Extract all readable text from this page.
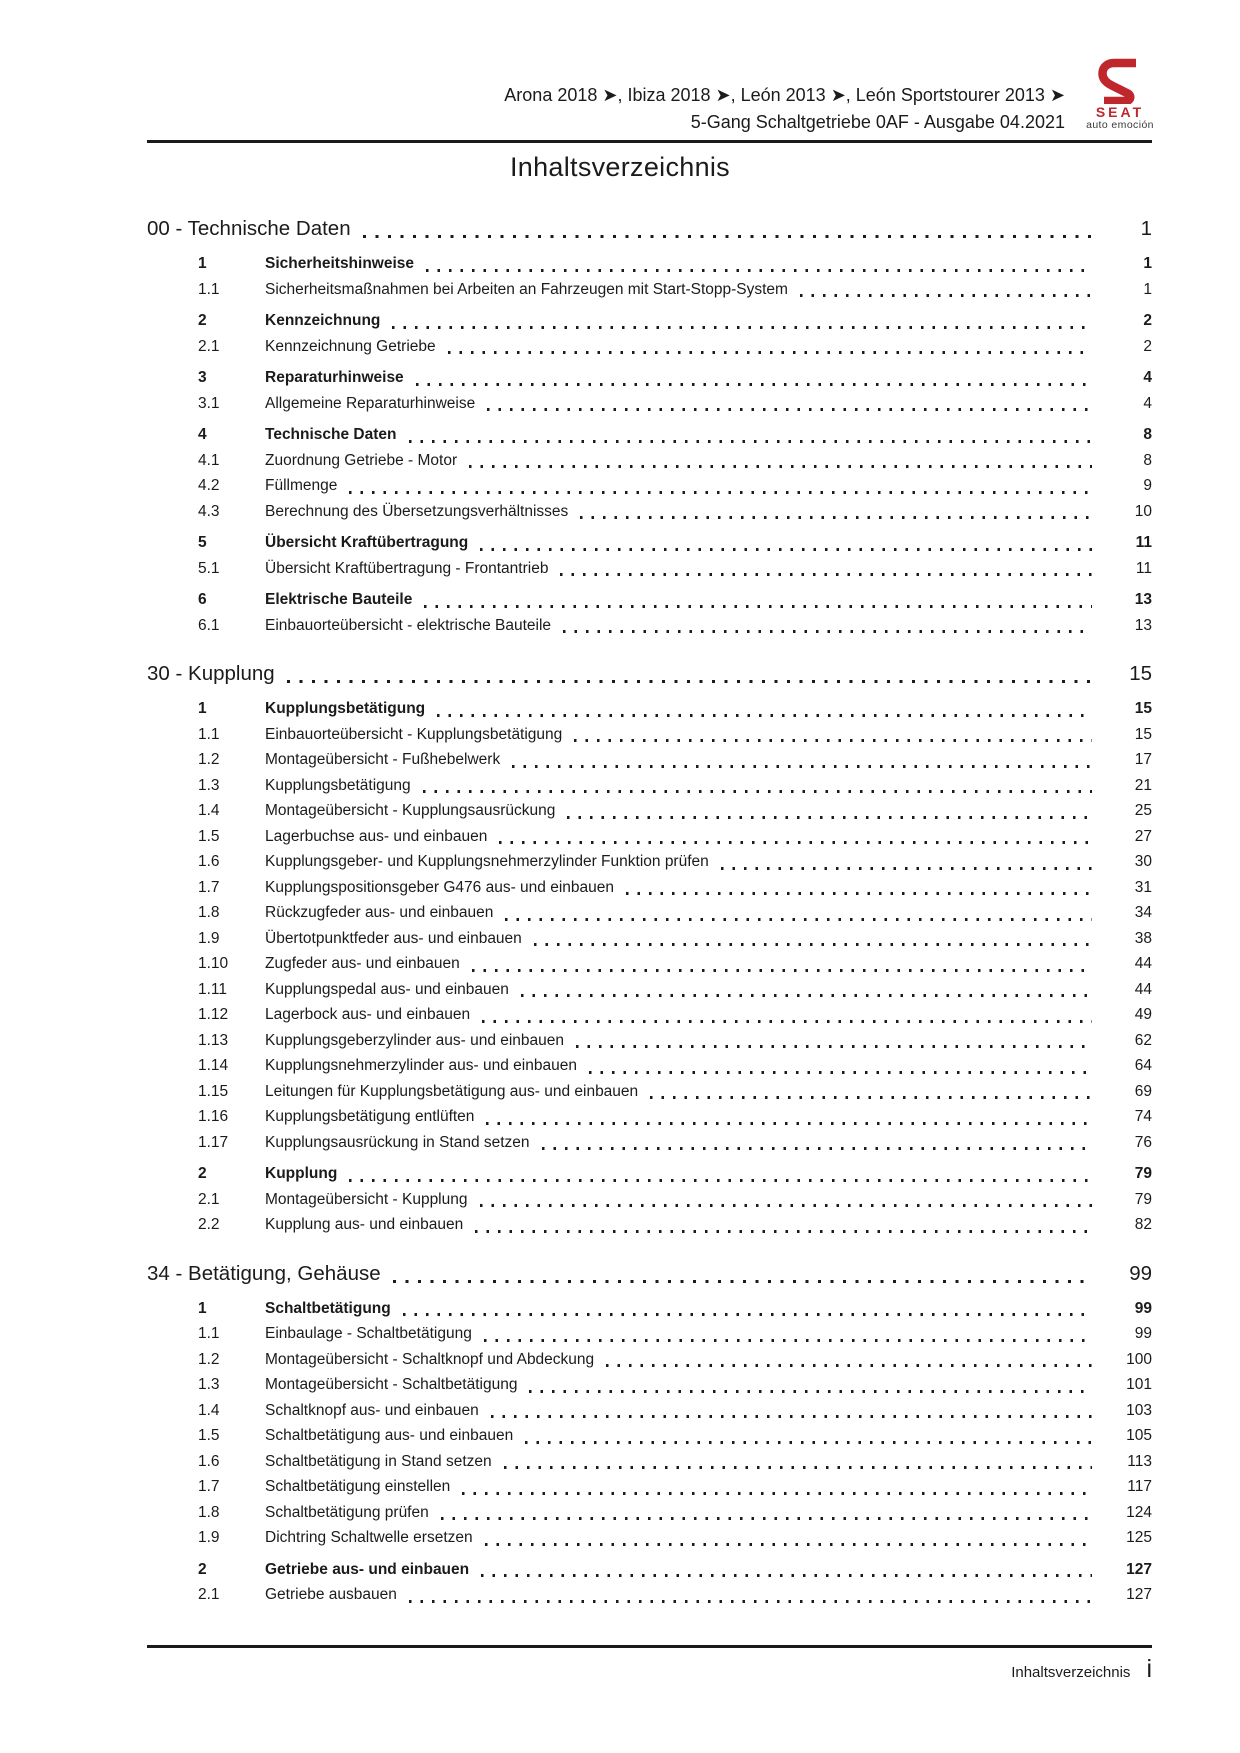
Arona 2018 ➤, Ibiza 2018 ➤, León 2013 ➤, León Sportstourer 2013 ➤
5-Gang Schaltgetriebe 0AF - Ausgabe 04.2021	SEAT
auto emoción
Inhaltsverzeichnis
00 - Technische Daten	1
1	Sicherheitshinweise	1
1.1	Sicherheitsmaßnahmen bei Arbeiten an Fahrzeugen mit Start-Stopp-System	1
2	Kennzeichnung	2
2.1	Kennzeichnung Getriebe	2
3	Reparaturhinweise	4
3.1	Allgemeine Reparaturhinweise	4
4	Technische Daten	8
4.1	Zuordnung Getriebe - Motor	8
4.2	Füllmenge	9
4.3	Berechnung des Übersetzungsverhältnisses	10
5	Übersicht Kraftübertragung	11
5.1	Übersicht Kraftübertragung - Frontantrieb	11
6	Elektrische Bauteile	13
6.1	Einbauorteübersicht - elektrische Bauteile	13
30 - Kupplung	15
1	Kupplungsbetätigung	15
1.1	Einbauorteübersicht - Kupplungsbetätigung	15
1.2	Montageübersicht - Fußhebelwerk	17
1.3	Kupplungsbetätigung	21
1.4	Montageübersicht - Kupplungsausrückung	25
1.5	Lagerbuchse aus- und einbauen	27
1.6	Kupplungsgeber- und Kupplungsnehmerzylinder Funktion prüfen	30
1.7	Kupplungspositionsgeber G476 aus- und einbauen	31
1.8	Rückzugfeder aus- und einbauen	34
1.9	Übertotpunktfeder aus- und einbauen	38
1.10	Zugfeder aus- und einbauen	44
1.11	Kupplungspedal aus- und einbauen	44
1.12	Lagerbock aus- und einbauen	49
1.13	Kupplungsgeberzylinder aus- und einbauen	62
1.14	Kupplungsnehmerzylinder aus- und einbauen	64
1.15	Leitungen für Kupplungsbetätigung aus- und einbauen	69
1.16	Kupplungsbetätigung entlüften	74
1.17	Kupplungsausrückung in Stand setzen	76
2	Kupplung	79
2.1	Montageübersicht - Kupplung	79
2.2	Kupplung aus- und einbauen	82
34 - Betätigung, Gehäuse	99
1	Schaltbetätigung	99
1.1	Einbaulage - Schaltbetätigung	99
1.2	Montageübersicht - Schaltknopf und Abdeckung	100
1.3	Montageübersicht - Schaltbetätigung	101
1.4	Schaltknopf aus- und einbauen	103
1.5	Schaltbetätigung aus- und einbauen	105
1.6	Schaltbetätigung in Stand setzen	113
1.7	Schaltbetätigung einstellen	117
1.8	Schaltbetätigung prüfen	124
1.9	Dichtring Schaltwelle ersetzen	125
2	Getriebe aus- und einbauen	127
2.1	Getriebe ausbauen	127
Inhaltsverzeichnis i
